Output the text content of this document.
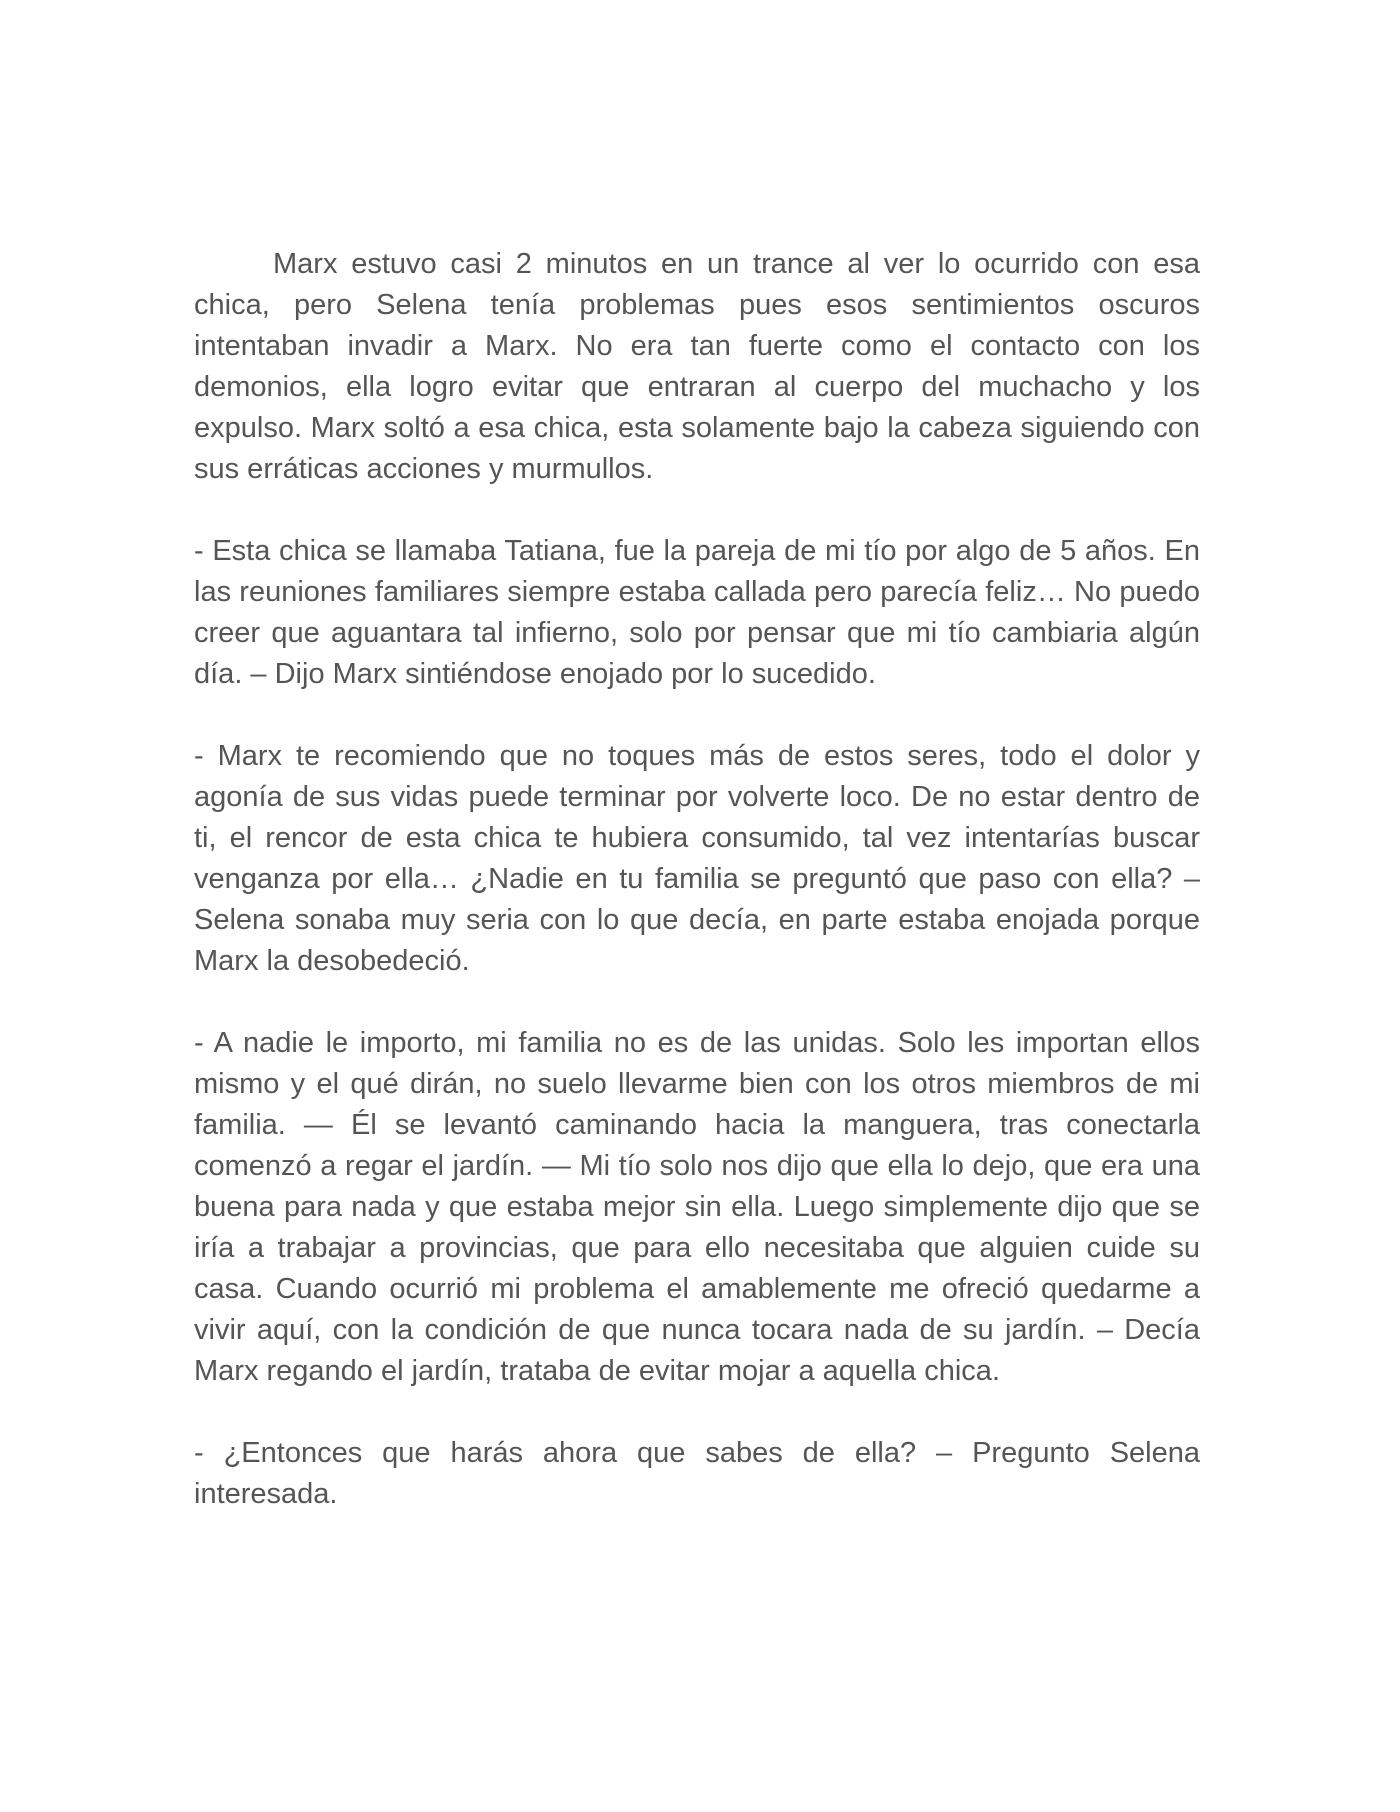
Marx estuvo casi 2 minutos en un trance al ver lo ocurrido con esa chica, pero Selena tenía problemas pues esos sentimientos oscuros intentaban invadir a Marx. No era tan fuerte como el contacto con los demonios, ella logro evitar que entraran al cuerpo del muchacho y los expulso. Marx soltó a esa chica, esta solamente bajo la cabeza siguiendo con sus erráticas acciones y murmullos.

- Esta chica se llamaba Tatiana, fue la pareja de mi tío por algo de 5 años. En las reuniones familiares siempre estaba callada pero parecía feliz… No puedo creer que aguantara tal infierno, solo por pensar que mi tío cambiaria algún día. – Dijo Marx sintiéndose enojado por lo sucedido.

- Marx te recomiendo que no toques más de estos seres, todo el dolor y agonía de sus vidas puede terminar por volverte loco. De no estar dentro de ti, el rencor de esta chica te hubiera consumido, tal vez intentarías buscar venganza por ella… ¿Nadie en tu familia se preguntó que paso con ella? – Selena sonaba muy seria con lo que decía, en parte estaba enojada porque Marx la desobedeció.

- A nadie le importo, mi familia no es de las unidas. Solo les importan ellos mismo y el qué dirán, no suelo llevarme bien con los otros miembros de mi familia. — Él se levantó caminando hacia la manguera, tras conectarla comenzó a regar el jardín. — Mi tío solo nos dijo que ella lo dejo, que era una buena para nada y que estaba mejor sin ella. Luego simplemente dijo que se iría a trabajar a provincias, que para ello necesitaba que alguien cuide su casa. Cuando ocurrió mi problema el amablemente me ofreció quedarme a vivir aquí, con la condición de que nunca tocara nada de su jardín. – Decía Marx regando el jardín, trataba de evitar mojar a aquella chica.

- ¿Entonces que harás ahora que sabes de ella? – Pregunto Selena interesada.
